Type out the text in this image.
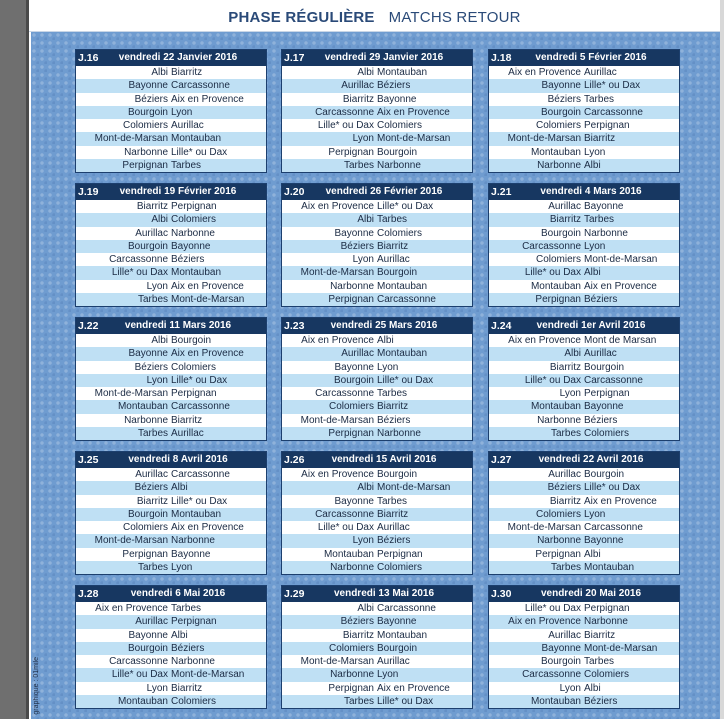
PHASE RÉGULIÈRE MATCHS RETOUR
graphique : 01mile
J.16	vendredi 22 Janvier 2016
Albi Biarritz
Bayonne Carcassonne
Béziers Aix en Provence
Bourgoin Lyon
Colomiers Aurillac
Mont-de-Marsan Montauban
Narbonne Lille* ou Dax
Perpignan Tarbes
J.17	vendredi 29 Janvier 2016
Albi Montauban
Aurillac Béziers
Biarritz Bayonne
Carcassonne Aix en Provence
Lille* ou Dax Colomiers
Lyon Mont-de-Marsan
Perpignan Bourgoin
Tarbes Narbonne
J.18	vendredi 5 Février 2016
Aix en Provence Aurillac
Bayonne Lille* ou Dax
Béziers Tarbes
Bourgoin Carcassonne
Colomiers Perpignan
Mont-de-Marsan Biarritz
Montauban Lyon
Narbonne Albi
J.19	vendredi 19 Février 2016
Biarritz Perpignan
Albi Colomiers
Aurillac Narbonne
Bourgoin Bayonne
Carcassonne Béziers
Lille* ou Dax Montauban
Lyon Aix en Provence
Tarbes Mont-de-Marsan
J.20	vendredi 26 Février 2016
Aix en Provence Lille* ou Dax
Albi Tarbes
Bayonne Colomiers
Béziers Biarritz
Lyon Aurillac
Mont-de-Marsan Bourgoin
Narbonne Montauban
Perpignan Carcassonne
J.21	vendredi 4 Mars 2016
Aurillac Bayonne
Biarritz Tarbes
Bourgoin Narbonne
Carcassonne Lyon
Colomiers Mont-de-Marsan
Lille* ou Dax Albi
Montauban Aix en Provence
Perpignan Béziers
J.22	vendredi 11 Mars 2016
Albi Bourgoin
Bayonne Aix en Provence
Béziers Colomiers
Lyon Lille* ou Dax
Mont-de-Marsan Perpignan
Montauban Carcassonne
Narbonne Biarritz
Tarbes Aurillac
J.23	vendredi 25 Mars 2016
Aix en Provence Albi
Aurillac Montauban
Bayonne Lyon
Bourgoin Lille* ou Dax
Carcassonne Tarbes
Colomiers Biarritz
Mont-de-Marsan Béziers
Perpignan Narbonne
J.24	vendredi 1er Avril 2016
Aix en Provence Mont de Marsan
Albi Aurillac
Biarritz Bourgoin
Lille* ou Dax Carcassonne
Lyon Perpignan
Montauban Bayonne
Narbonne Béziers
Tarbes Colomiers
J.25	vendredi 8 Avril 2016
Aurillac Carcassonne
Béziers Albi
Biarritz Lille* ou Dax
Bourgoin Montauban
Colomiers Aix en Provence
Mont-de-Marsan Narbonne
Perpignan Bayonne
Tarbes Lyon
J.26	vendredi 15 Avril 2016
Aix en Provence Bourgoin
Albi Mont-de-Marsan
Bayonne Tarbes
Carcassonne Biarritz
Lille* ou Dax Aurillac
Lyon Béziers
Montauban Perpignan
Narbonne Colomiers
J.27	vendredi 22 Avril 2016
Aurillac Bourgoin
Béziers Lille* ou Dax
Biarritz Aix en Provence
Colomiers Lyon
Mont-de-Marsan Carcassonne
Narbonne Bayonne
Perpignan Albi
Tarbes Montauban
J.28	vendredi 6 Mai 2016
Aix en Provence Tarbes
Aurillac Perpignan
Bayonne Albi
Bourgoin Béziers
Carcassonne Narbonne
Lille* ou Dax Mont-de-Marsan
Lyon Biarritz
Montauban Colomiers
J.29	vendredi 13 Mai 2016
Albi Carcassonne
Béziers Bayonne
Biarritz Montauban
Colomiers Bourgoin
Mont-de-Marsan Aurillac
Narbonne Lyon
Perpignan Aix en Provence
Tarbes Lille* ou Dax
J.30	vendredi 20 Mai 2016
Lille* ou Dax Perpignan
Aix en Provence Narbonne
Aurillac Biarritz
Bayonne Mont-de-Marsan
Bourgoin Tarbes
Carcassonne Colomiers
Lyon Albi
Montauban Béziers
